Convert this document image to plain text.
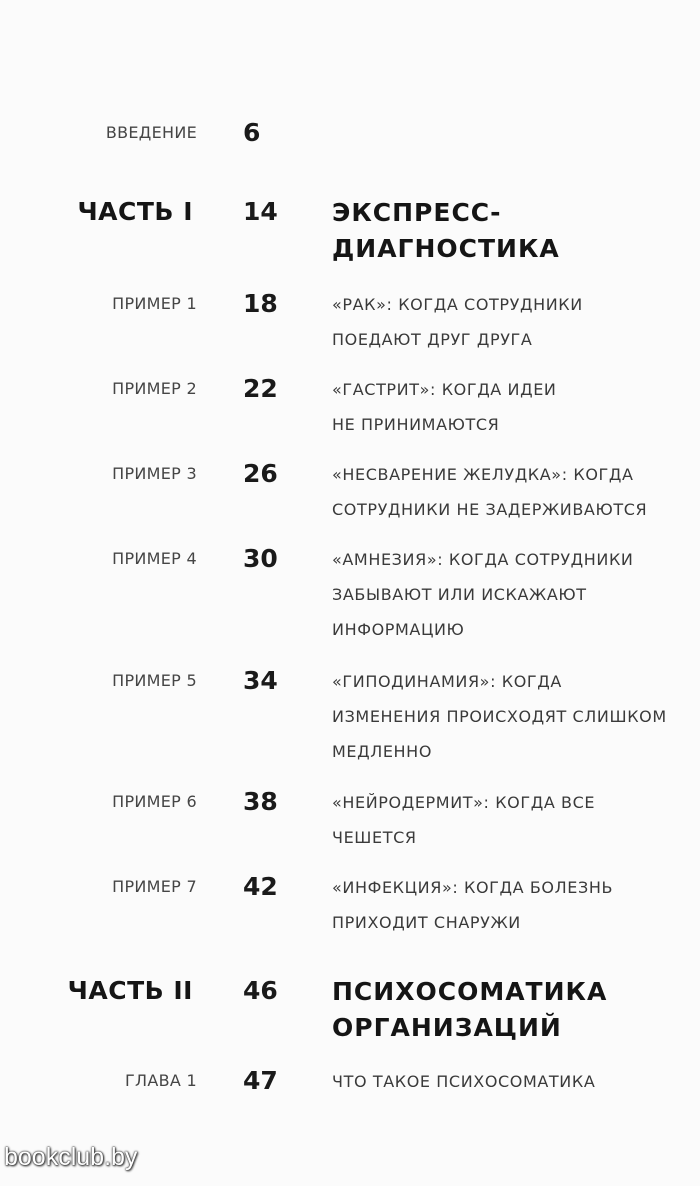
ВВЕДЕНИЕ 6
ЧАСТЬ I 14 ЭКСПРЕСС-
ДИАГНОСТИКА
ПРИМЕР 1 18	«РАК»: КОГДА СОТРУДНИКИ
ПОЕДАЮТ ДРУГ ДРУГА
ПРИМЕР 2 22	«ГАСТРИТ»: КОГДА ИДЕИ
НЕ ПРИНИМАЮТСЯ
ПРИМЕР 3 26	«НЕСВАРЕНИЕ ЖЕЛУДКА»: КОГДА
СОТРУДНИКИ НЕ ЗАДЕРЖИВАЮТСЯ
ПРИМЕР 4 30	«АМНЕЗИЯ»: КОГДА СОТРУДНИКИ
ЗАБЫВАЮТ ИЛИ ИСКАЖАЮТ
ИНФОРМАЦИЮ
ПРИМЕР 5 34	«ГИПОДИНАМИЯ»: КОГДА
ИЗМЕНЕНИЯ ПРОИСХОДЯТ СЛИШКОМ
МЕДЛЕННО
ПРИМЕР 6 38	«НЕЙРОДЕРМИТ»: КОГДА ВСЕ
ЧЕШЕТСЯ
ПРИМЕР 7 42	«ИНФЕКЦИЯ»: КОГДА БОЛЕЗНЬ
ПРИХОДИТ СНАРУЖИ
ЧАСТЬ II 46 ПСИХОСОМАТИКА
ОРГАНИЗАЦИЙ
ГЛАВА 1 47	ЧТО ТАКОЕ ПСИХОСОМАТИКА
bookclub.by
